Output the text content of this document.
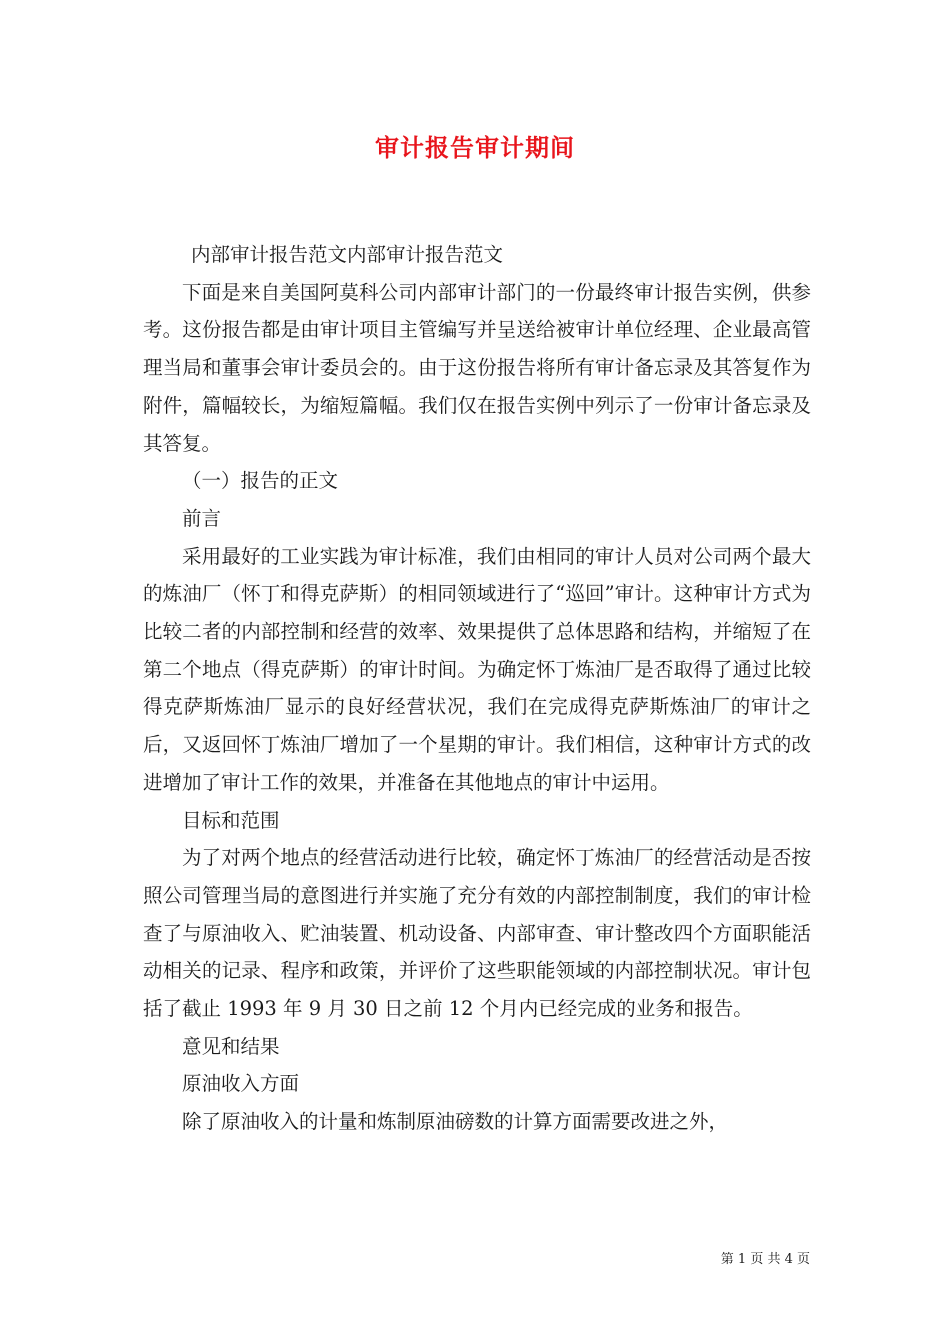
审计报告审计期间

内部审计报告范文内部审计报告范文

下面是来自美国阿莫科公司内部审计部门的一份最终审计报告实例，供参考。这份报告都是由审计项目主管编写并呈送给被审计单位经理、企业最高管理当局和董事会审计委员会的。由于这份报告将所有审计备忘录及其答复作为附件，篇幅较长，为缩短篇幅。我们仅在报告实例中列示了一份审计备忘录及其答复。

（一）报告的正文

前言

采用最好的工业实践为审计标准，我们由相同的审计人员对公司两个最大的炼油厂（怀丁和得克萨斯）的相同领域进行了“巡回”审计。这种审计方式为比较二者的内部控制和经营的效率、效果提供了总体思路和结构，并缩短了在第二个地点（得克萨斯）的审计时间。为确定怀丁炼油厂是否取得了通过比较得克萨斯炼油厂显示的良好经营状况，我们在完成得克萨斯炼油厂的审计之后，又返回怀丁炼油厂增加了一个星期的审计。我们相信，这种审计方式的改进增加了审计工作的效果，并准备在其他地点的审计中运用。

目标和范围

为了对两个地点的经营活动进行比较，确定怀丁炼油厂的经营活动是否按照公司管理当局的意图进行并实施了充分有效的内部控制制度，我们的审计检查了与原油收入、贮油装置、机动设备、内部审查、审计整改四个方面职能活动相关的记录、程序和政策，并评价了这些职能领域的内部控制状况。审计包括了截止 1993 年 9 月 30 日之前 12 个月内已经完成的业务和报告。

意见和结果

原油收入方面

除了原油收入的计量和炼制原油磅数的计算方面需要改进之外，

第 1 页 共 4 页
